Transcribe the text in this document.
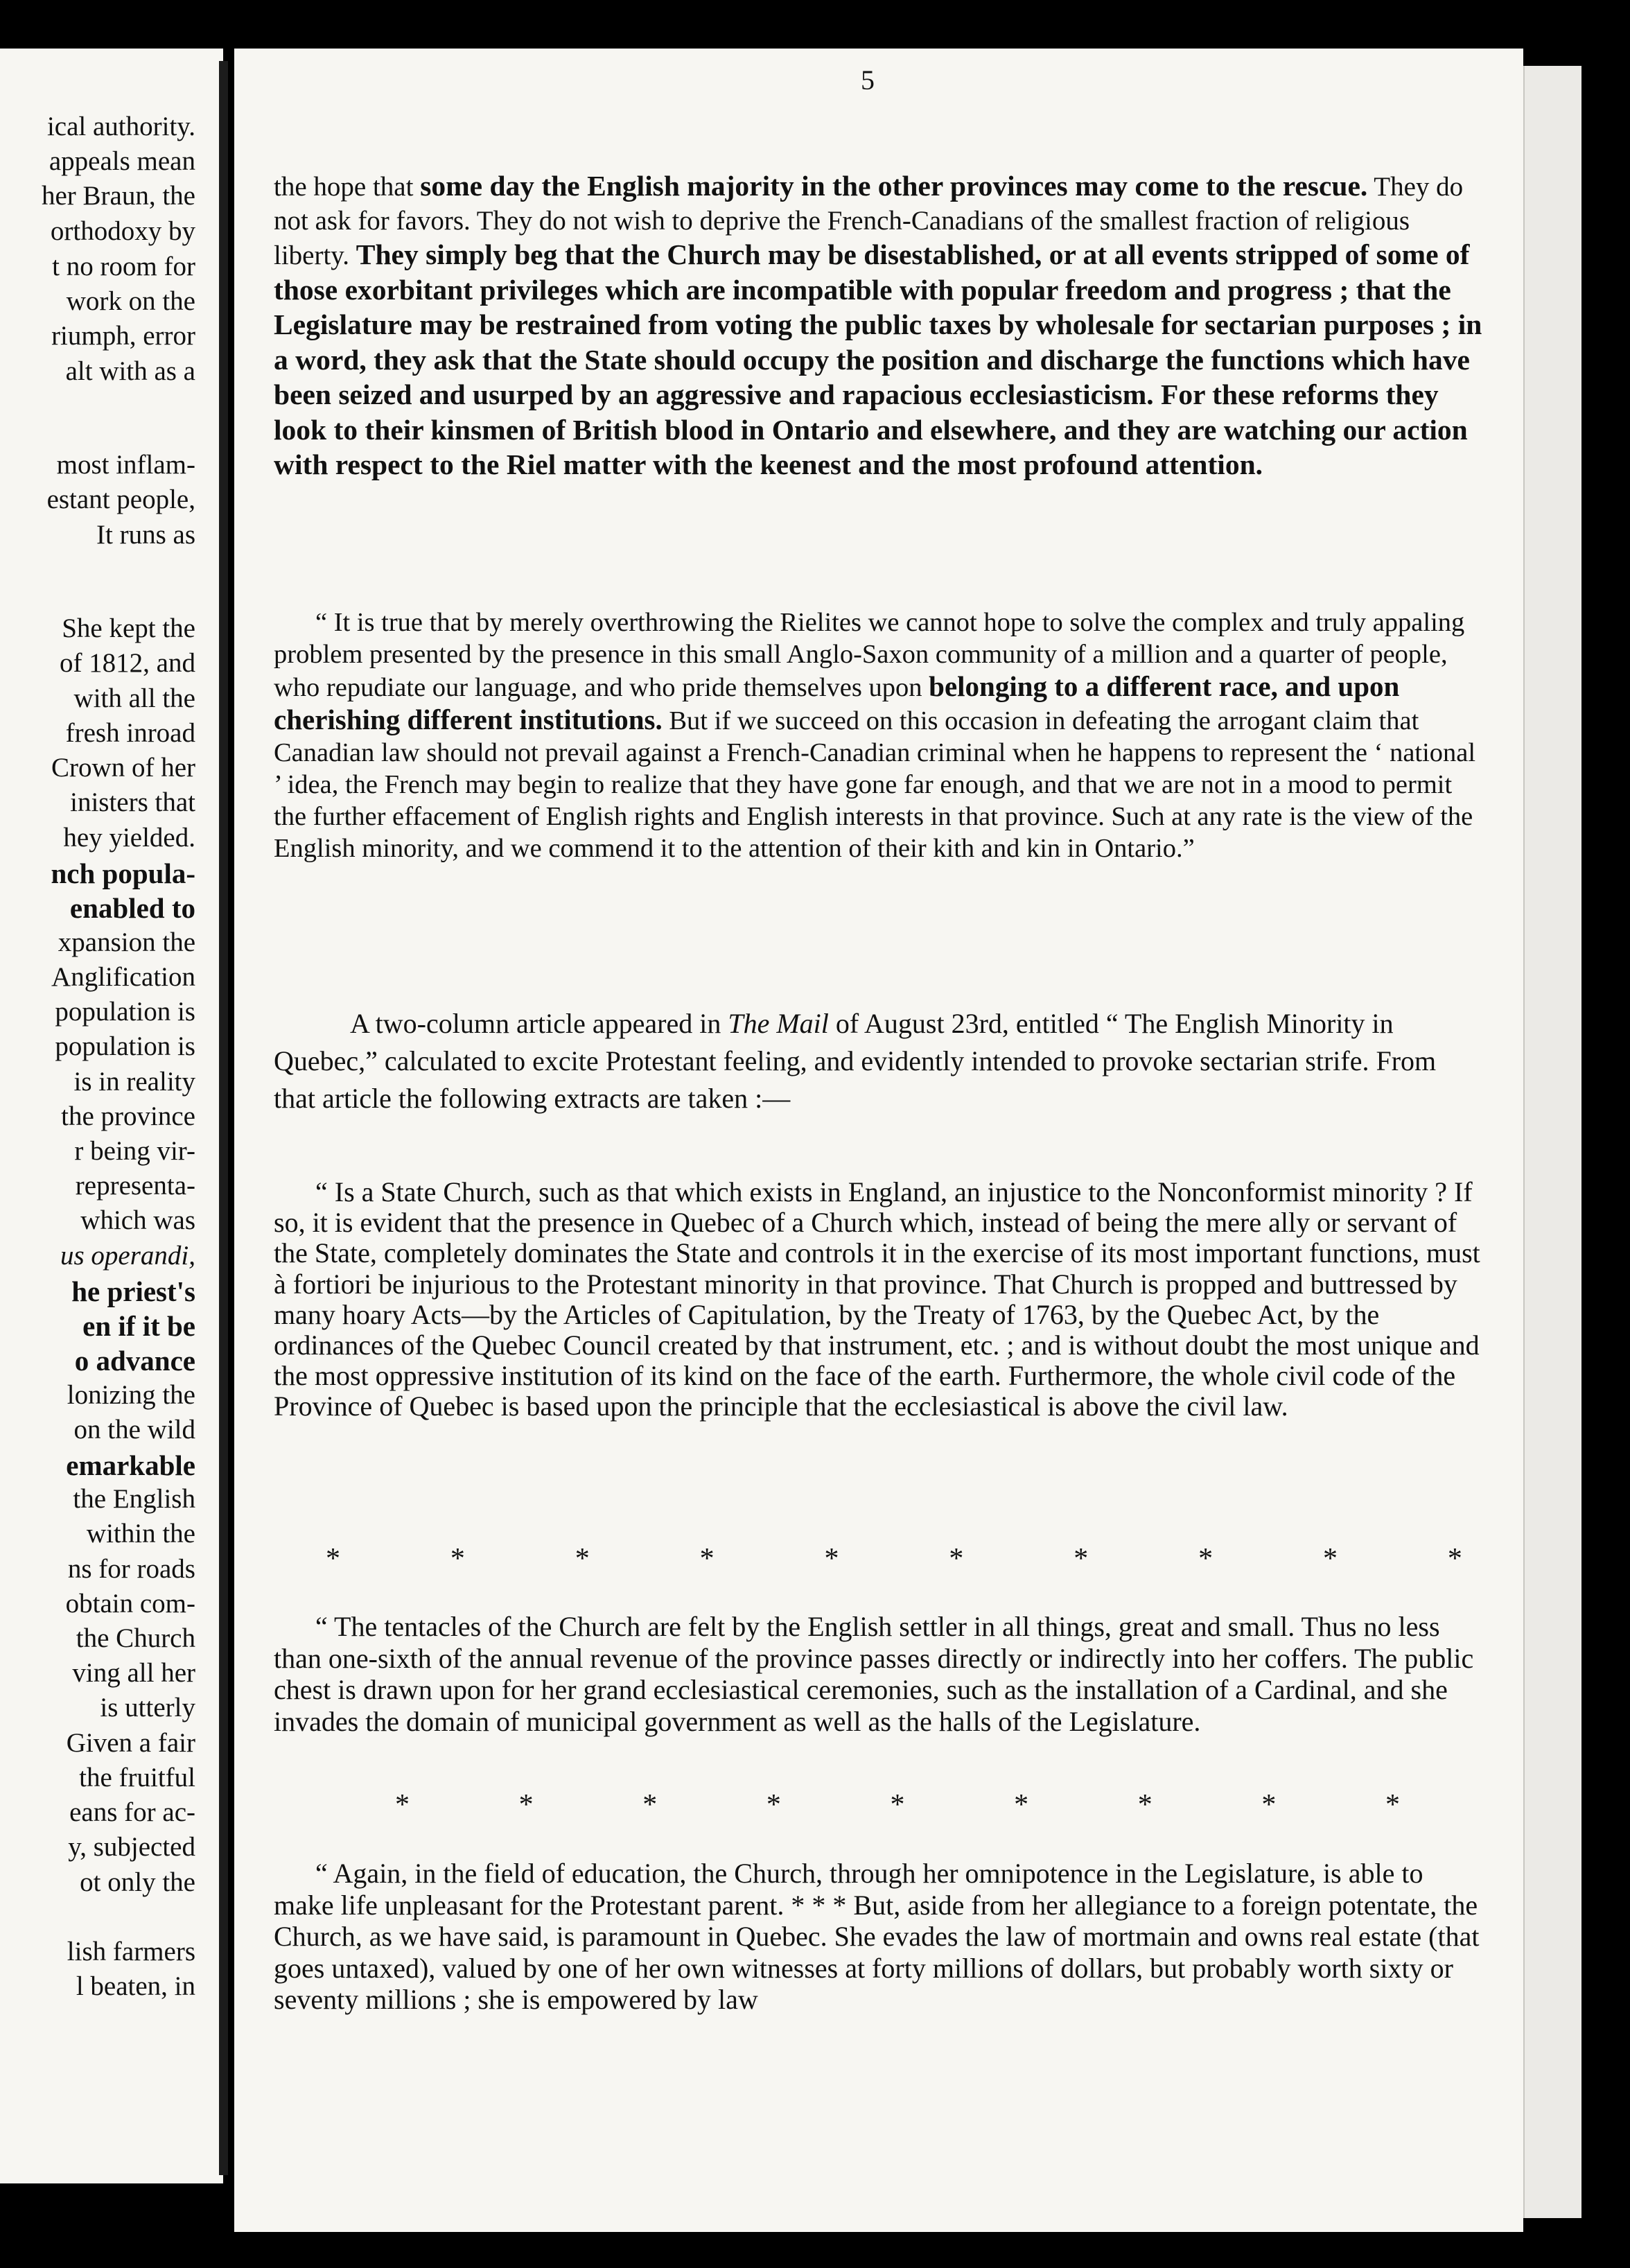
ical authority.
appeals mean
her Braun, the
orthodoxy by
t no room for
work on the
riumph, error
alt with as a
most inflam-
estant people,
It runs as
She kept the
of 1812, and
with all the
fresh inroad
Crown of her
inisters that
hey yielded.
nch popula-
enabled to
xpansion the
Anglification
population is
population is
is in reality
the province
r being vir-
representa-
which was
us operandi,
he priest's
en if it be
o advance
lonizing the
on the wild
emarkable
the English
within the
ns for roads
obtain com-
the Church
ving all her
is utterly
Given a fair
the fruitful
eans for ac-
y, subjected
ot only the
lish farmers
l beaten, in
5

the hope that some day the English majority in the other provinces may come to the rescue. They do not ask for favors. They do not wish to deprive the French-Canadians of the smallest fraction of religious liberty. They simply beg that the Church may be disestablished, or at all events stripped of some of those exorbitant privileges which are incompatible with popular freedom and progress ; that the Legislature may be restrained from voting the public taxes by wholesale for sectarian purposes ; in a word, they ask that the State should occupy the position and discharge the functions which have been seized and usurped by an aggressive and rapacious ecclesiasticism. For these reforms they look to their kinsmen of British blood in Ontario and elsewhere, and they are watching our action with respect to the Riel matter with the keenest and the most profound attention.

“ It is true that by merely overthrowing the Rielites we cannot hope to solve the complex and truly appaling problem presented by the presence in this small Anglo-Saxon community of a million and a quarter of people, who repudiate our language, and who pride themselves upon belonging to a different race, and upon cherishing different institutions. But if we succeed on this occasion in defeating the arrogant claim that Canadian law should not prevail against a French-Canadian criminal when he happens to represent the ‘ national ’ idea, the French may begin to realize that they have gone far enough, and that we are not in a mood to permit the further effacement of English rights and English interests in that province. Such at any rate is the view of the English minority, and we commend it to the attention of their kith and kin in Ontario.”

A two-column article appeared in The Mail of August 23rd, entitled “ The English Minority in Quebec,” calculated to excite Protestant feeling, and evidently intended to provoke sectarian strife. From that article the following extracts are taken :—

“ Is a State Church, such as that which exists in England, an injustice to the Nonconformist minority ? If so, it is evident that the presence in Quebec of a Church which, instead of being the mere ally or servant of the State, completely dominates the State and controls it in the exercise of its most important functions, must à fortiori be injurious to the Protestant minority in that province. That Church is propped and buttressed by many hoary Acts—by the Articles of Capitulation, by the Treaty of 1763, by the Quebec Act, by the ordinances of the Quebec Council created by that instrument, etc. ; and is without doubt the most unique and the most oppressive institution of its kind on the face of the earth. Furthermore, the whole civil code of the Province of Quebec is based upon the principle that the ecclesiastical is above the civil law.

*	*	*	*	*	*	*	*	*	*

“ The tentacles of the Church are felt by the English settler in all things, great and small. Thus no less than one-sixth of the annual revenue of the province passes directly or indirectly into her coffers. The public chest is drawn upon for her grand ecclesiastical ceremonies, such as the installation of a Cardinal, and she invades the domain of municipal government as well as the halls of the Legislature.

*	*	*	*	*	*	*	*	*

“ Again, in the field of education, the Church, through her omnipotence in the Legislature, is able to make life unpleasant for the Protestant parent. * * * But, aside from her allegiance to a foreign potentate, the Church, as we have said, is paramount in Quebec. She evades the law of mortmain and owns real estate (that goes untaxed), valued by one of her own witnesses at forty millions of dollars, but probably worth sixty or seventy millions ; she is empowered by law
